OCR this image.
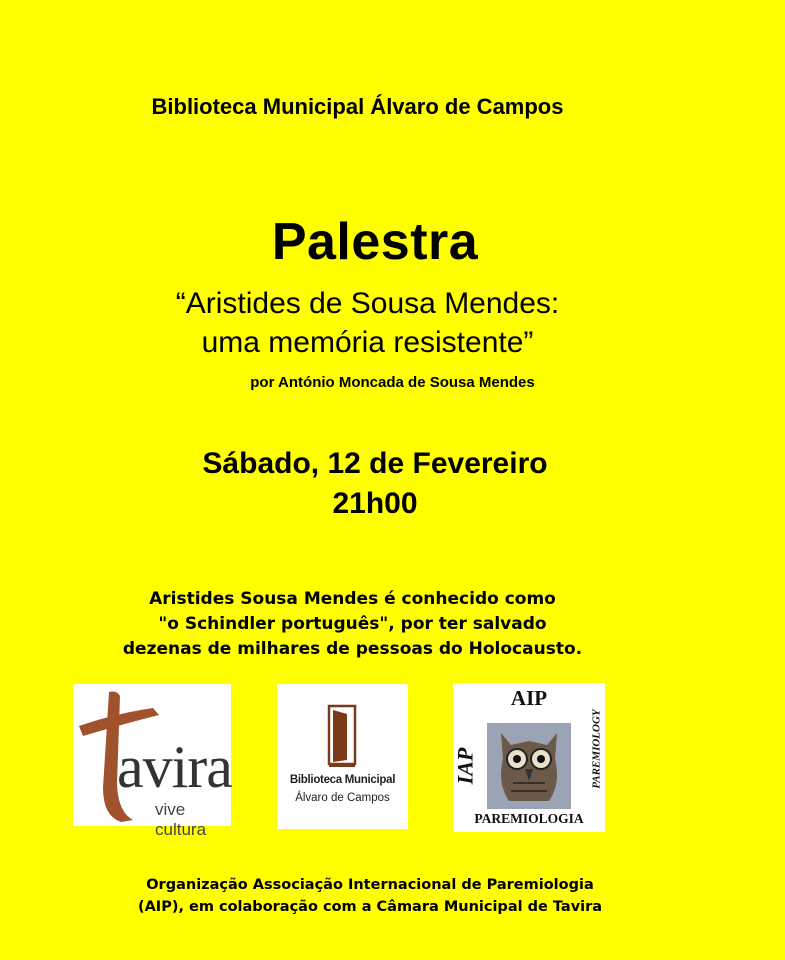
Biblioteca Municipal Álvaro de Campos
Palestra
“Aristides de Sousa Mendes:
uma memória resistente”
por António Moncada de Sousa Mendes
Sábado, 12 de Fevereiro
21h00
Aristides Sousa Mendes é conhecido como
"o Schindler português", por ter salvado
dezenas de milhares de pessoas do Holocausto.
avira
vive cultura
Biblioteca Municipal
Álvaro de Campos
AIP
IAP	PAREMIOLOGY
PAREMIOLOGIA
Organização Associação Internacional de Paremiologia
(AIP), em colaboração com a Câmara Municipal de Tavira
